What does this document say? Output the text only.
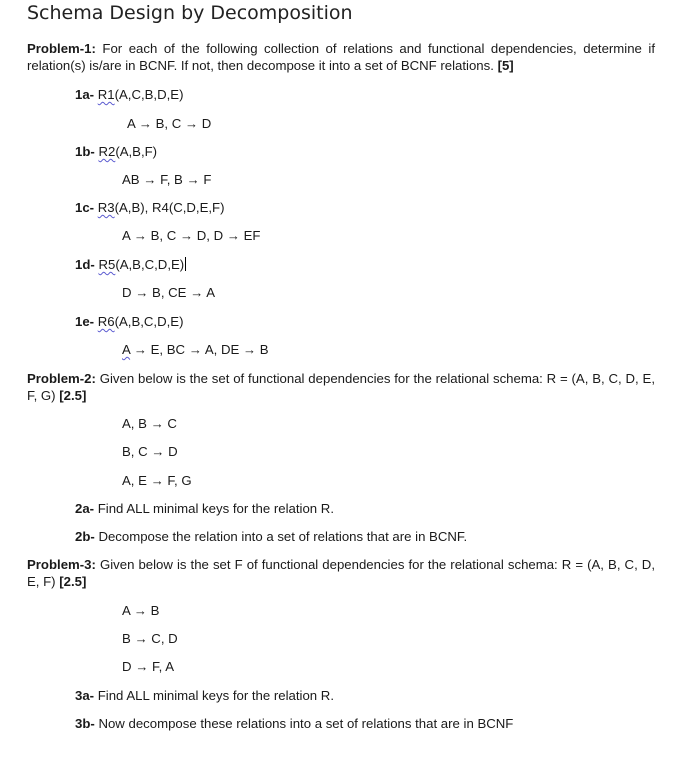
Schema Design by Decomposition
Problem-1: For each of the following collection of relations and functional dependencies, determine if relation(s) is/are in BCNF. If not, then decompose it into a set of BCNF relations. [5]
1a- R1(A,C,B,D,E)
A → B, C → D
1b- R2(A,B,F)
AB → F, B → F
1c- R3(A,B), R4(C,D,E,F)
A → B, C → D, D → EF
1d- R5(A,B,C,D,E)
D → B, CE → A
1e- R6(A,B,C,D,E)
A → E, BC → A, DE → B
Problem-2: Given below is the set of functional dependencies for the relational schema: R = (A, B, C, D, E, F, G) [2.5]
A, B → C
B, C → D
A, E → F, G
2a- Find ALL minimal keys for the relation R.
2b- Decompose the relation into a set of relations that are in BCNF.
Problem-3: Given below is the set F of functional dependencies for the relational schema: R = (A, B, C, D, E, F) [2.5]
A → B
B → C, D
D → F, A
3a- Find ALL minimal keys for the relation R.
3b- Now decompose these relations into a set of relations that are in BCNF
